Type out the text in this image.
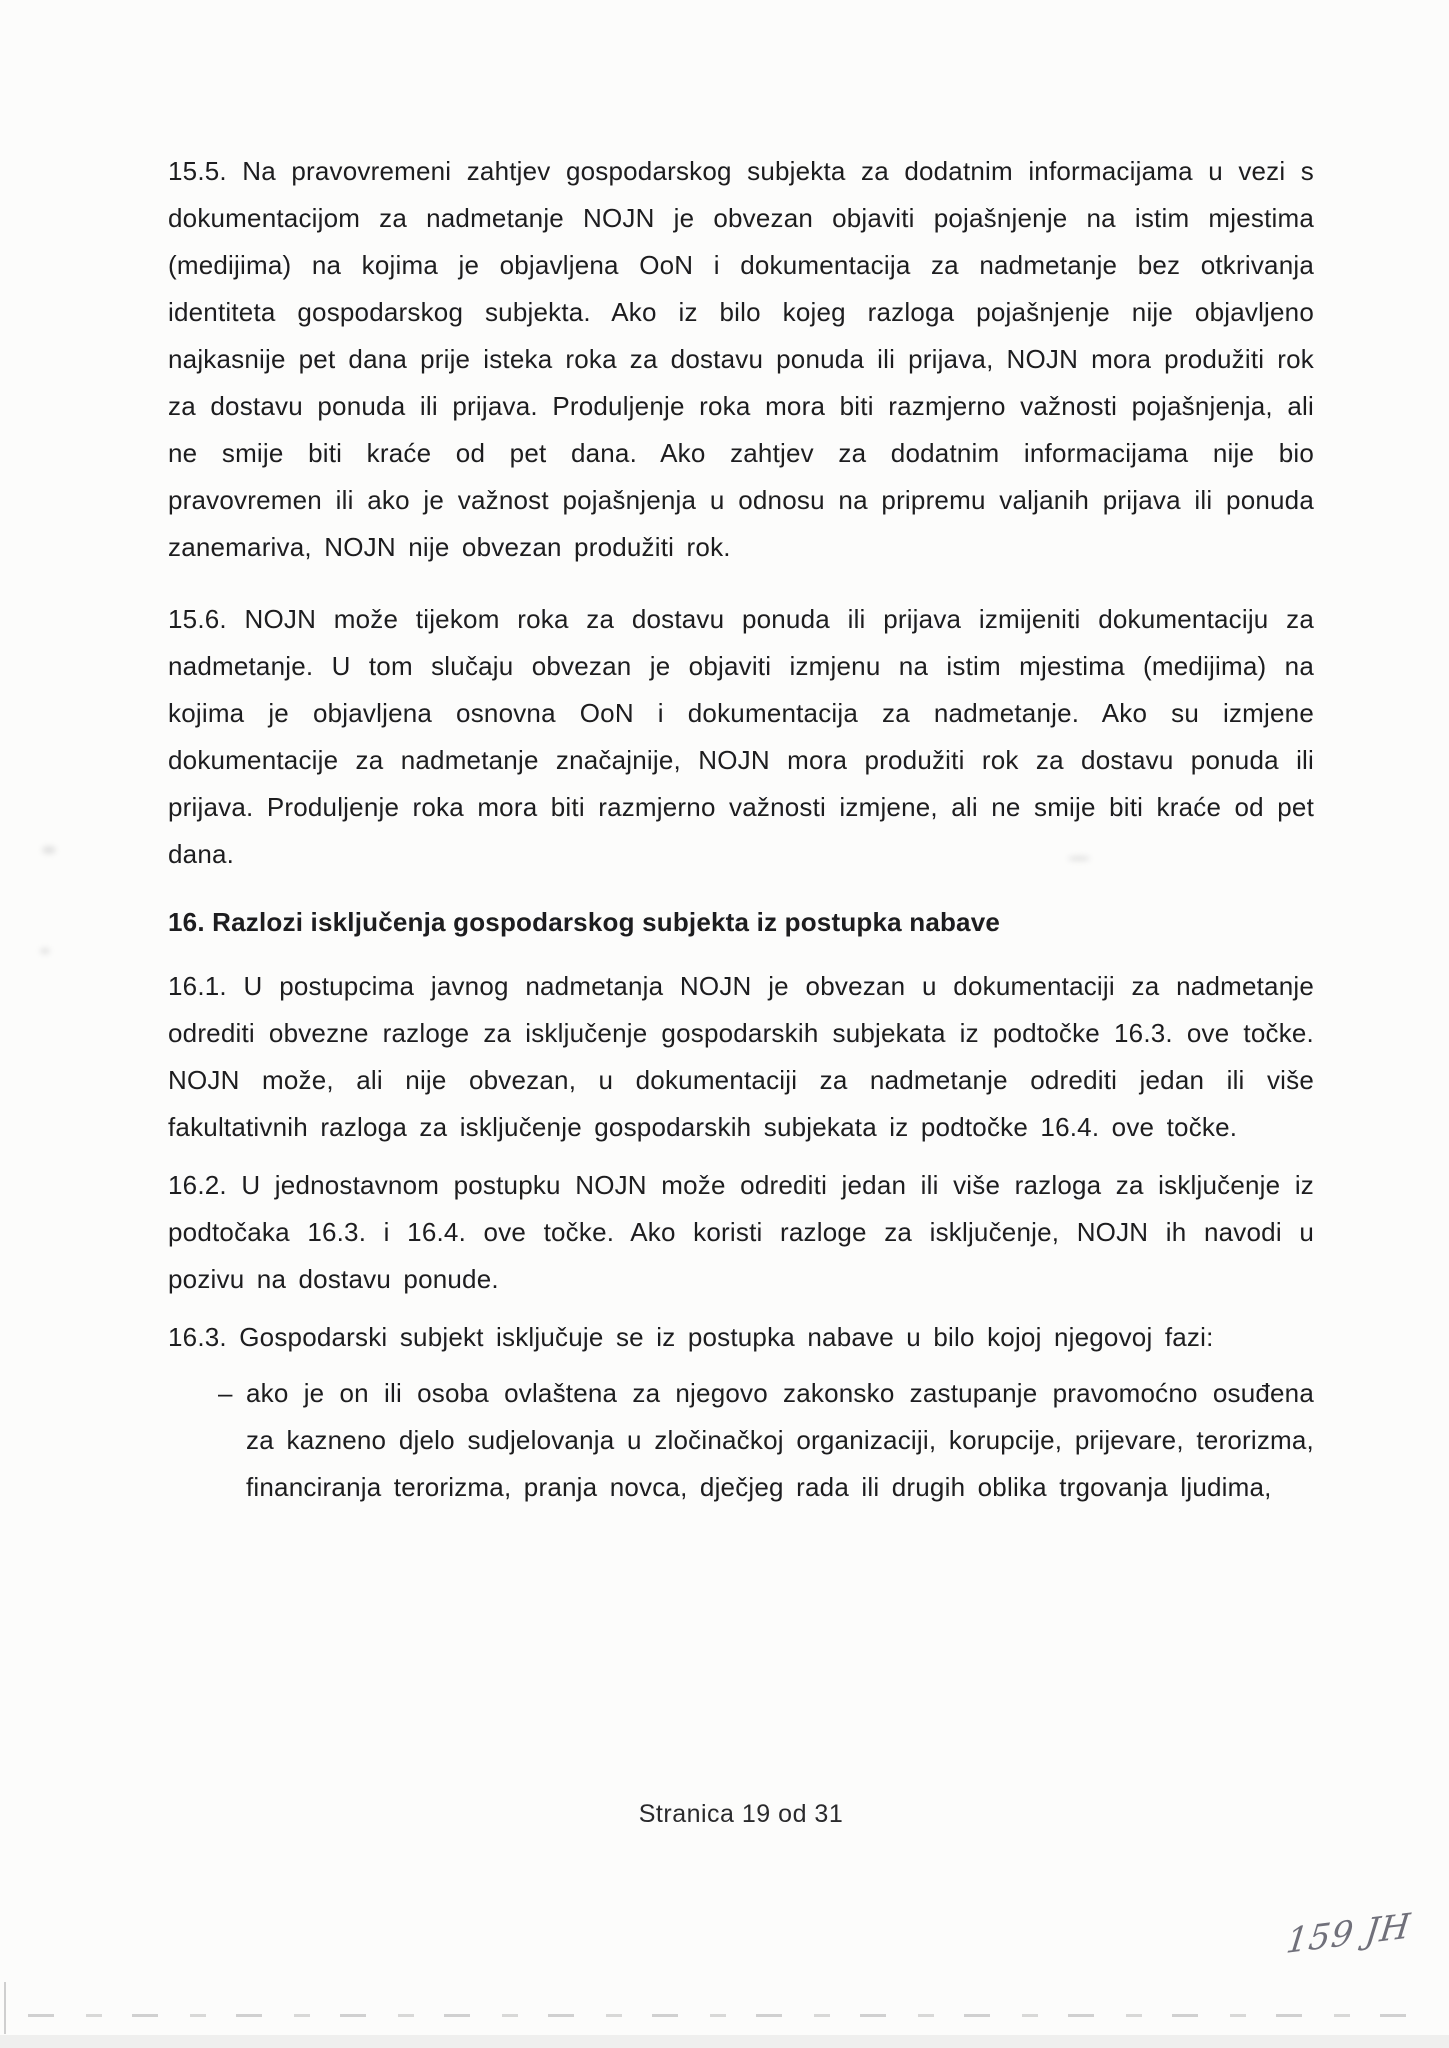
15.5. Na pravovremeni zahtjev gospodarskog subjekta za dodatnim informacijama u vezi s dokumentacijom za nadmetanje NOJN je obvezan objaviti pojašnjenje na istim mjestima (medijima) na kojima je objavljena OoN i dokumentacija za nadmetanje bez otkrivanja identiteta gospodarskog subjekta. Ako iz bilo kojeg razloga pojašnjenje nije objavljeno najkasnije pet dana prije isteka roka za dostavu ponuda ili prijava, NOJN mora produžiti rok za dostavu ponuda ili prijava. Produljenje roka mora biti razmjerno važnosti pojašnjenja, ali ne smije biti kraće od pet dana. Ako zahtjev za dodatnim informacijama nije bio pravovremen ili ako je važnost pojašnjenja u odnosu na pripremu valjanih prijava ili ponuda zanemariva, NOJN nije obvezan produžiti rok.

15.6. NOJN može tijekom roka za dostavu ponuda ili prijava izmijeniti dokumentaciju za nadmetanje. U tom slučaju obvezan je objaviti izmjenu na istim mjestima (medijima) na kojima je objavljena osnovna OoN i dokumentacija za nadmetanje. Ako su izmjene dokumentacije za nadmetanje značajnije, NOJN mora produžiti rok za dostavu ponuda ili prijava. Produljenje roka mora biti razmjerno važnosti izmjene, ali ne smije biti kraće od pet dana.

16. Razlozi isključenja gospodarskog subjekta iz postupka nabave

16.1. U postupcima javnog nadmetanja NOJN je obvezan u dokumentaciji za nadmetanje odrediti obvezne razloge za isključenje gospodarskih subjekata iz podtočke 16.3. ove točke. NOJN može, ali nije obvezan, u dokumentaciji za nadmetanje odrediti jedan ili više fakultativnih razloga za isključenje gospodarskih subjekata iz podtočke 16.4. ove točke.

16.2. U jednostavnom postupku NOJN može odrediti jedan ili više razloga za isključenje iz podtočaka 16.3. i 16.4. ove točke. Ako koristi razloge za isključenje, NOJN ih navodi u pozivu na dostavu ponude.

16.3. Gospodarski subjekt isključuje se iz postupka nabave u bilo kojoj njegovoj fazi:

– ako je on ili osoba ovlaštena za njegovo zakonsko zastupanje pravomoćno osuđena za kazneno djelo sudjelovanja u zločinačkoj organizaciji, korupcije, prijevare, terorizma, financiranja terorizma, pranja novca, dječjeg rada ili drugih oblika trgovanja ljudima,
Stranica 19 od 31
159 JH
